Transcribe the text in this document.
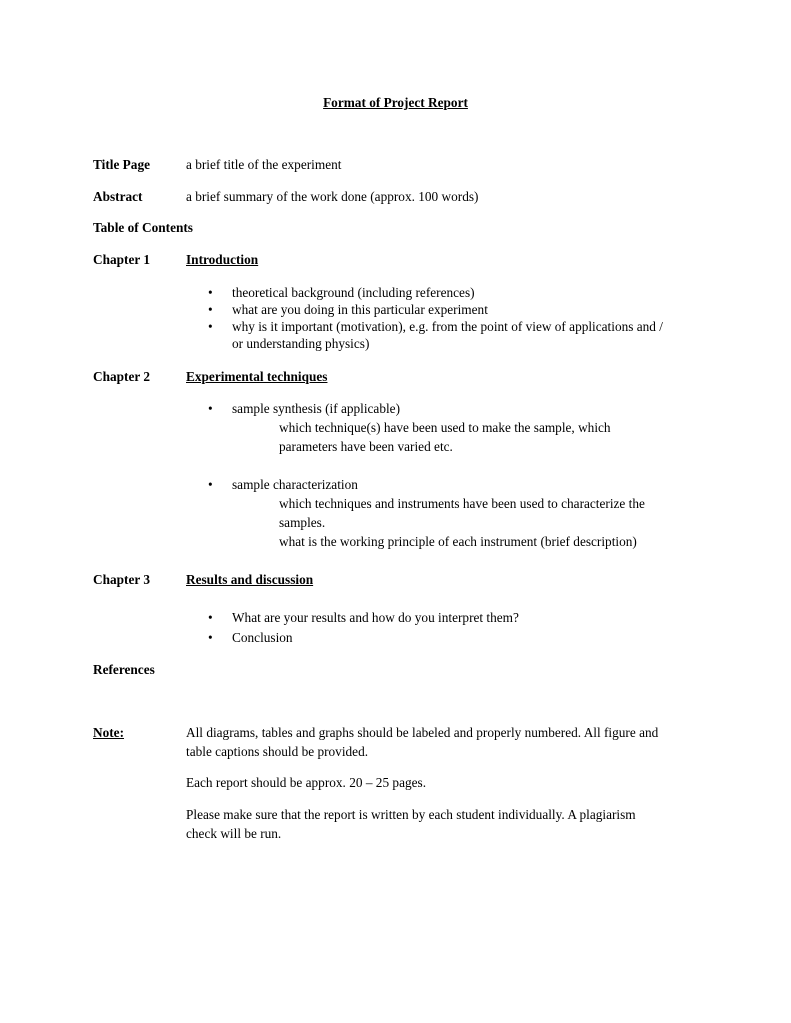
Format of Project Report
Title Page	a brief title of the experiment
Abstract	a brief summary of the work done (approx. 100 words)
Table of Contents
Chapter 1	Introduction
• theoretical background (including references)
• what are you doing in this particular experiment
• why is it important (motivation), e.g. from the point of view of applications and /
or understanding physics)
Chapter 2	Experimental techniques
• sample synthesis (if applicable)
which technique(s) have been used to make the sample, which
parameters have been varied etc.
• sample characterization
which techniques and instruments have been used to characterize the
samples.
what is the working principle of each instrument (brief description)
Chapter 3	Results and discussion
• What are your results and how do you interpret them?
• Conclusion
References
Note:	All diagrams, tables and graphs should be labeled and properly numbered. All figure and
table captions should be provided.
Each report should be approx. 20 – 25 pages.
Please make sure that the report is written by each student individually. A plagiarism
check will be run.
